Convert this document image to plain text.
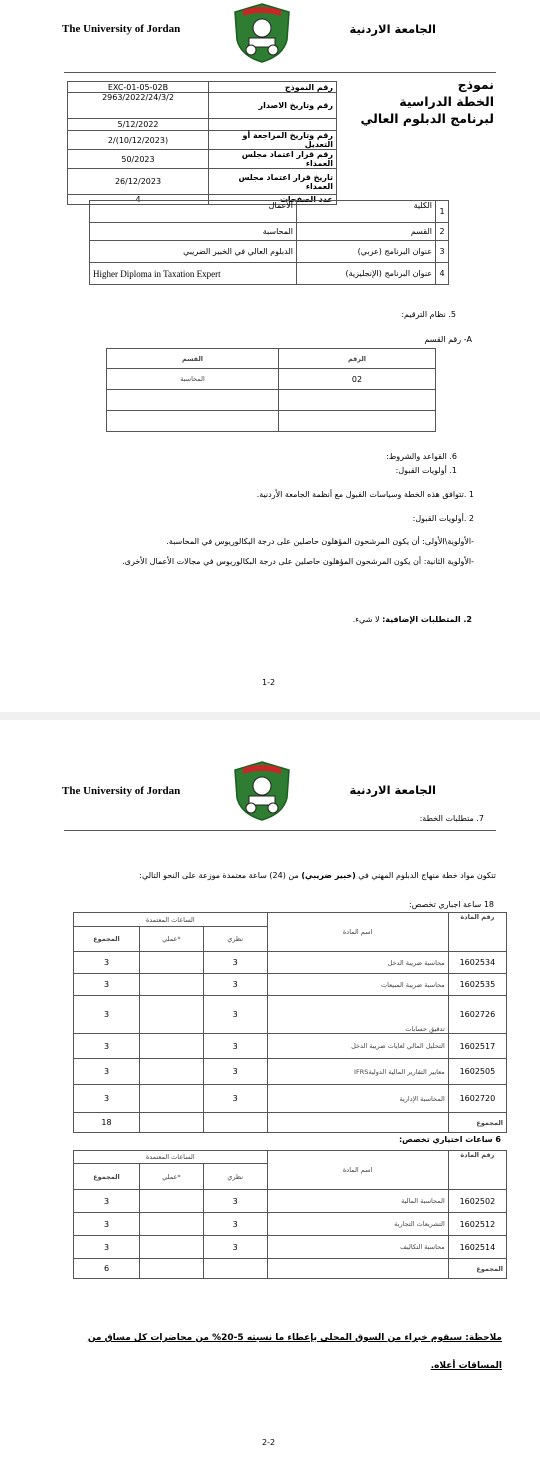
The University of Jordan	الجامعة الاردنية
نموذج
الخطة الدراسية
لبرنامج الدبلوم العالي
EXC-01-05-02B	رقم النموذج
2963/2022/24/3/2	رقم وتاريخ الاصدار
5/12/2022	
2/(10/12/2023)	رقم وتاريخ المراجعة أو التعديل
50/2023	رقم قرار اعتماد مجلس العمداء
26/12/2023	تاريخ قرار اعتماد مجلس العمداء
4	عدد الصفحات
الأعمال	الكلية	1
المحاسبة	القسم	2
الدبلوم العالي في الخبير الضريبي	عنوان البرنامج (عربي)	3
Higher Diploma in Taxation Expert	عنوان البرنامج (الإنجليزية)	4
5. نظام الترقيم:
A- رقم القسم
القسم	الرقم
المحاسبة	02

6. القواعد والشروط:
1. أولويات القبول:
1 .تتوافق هذه الخطة وسياسات القبول مع أنظمة الجامعة الأردنية.
2 .أولويات القبول:
-الأولوية\الأولى: أن يكون المرشحون المؤهلون حاصلين على درجة البكالوريوس في المحاسبة.
-الأولوية الثانية: أن يكون المرشحون المؤهلون حاصلين على درجة البكالوريوس في مجالات الأعمال الأخرى.
2. المتطلبات الإضافية: لا شيء.
1-2
The University of Jordan	الجامعة الاردنية
7. متطلبات الخطة:
تتكون مواد خطة منهاج الدبلوم المهني في (خبير ضريبي) من (24) ساعة معتمدة موزعة على النحو التالي:
18 ساعة اجباري تخصص:
الساعات المعتمدة			اسم المادة	رقم المادة
المجموع	عملي*	نظري		
3		3	محاسبة ضريبة الدخل	1602534
3		3	محاسبة ضريبة المبيعات	1602535
3		3	تدقيق حسابات	1602726
3		3	التحليل المالي لغايات ضريبة الدخل	1602517
3		3	معايير التقارير المالية الدوليةIFRS	1602505
3		3	المحاسبة الإدارية	1602720
18				المجموع
6 ساعات اختياري تخصص:
الساعات المعتمدة			اسم المادة	رقم المادة
المجموع	عملي*	نظري		
3		3	المحاسبة المالية	1602502
3		3	التشريعات التجارية	1602512
3		3	محاسبة التكاليف	1602514
6				المجموع
ملاحظة: سيقوم خبراء من السوق المحلي بإعطاء ما نسبته 5-20% من محاضرات كل مساق من المساقات أعلاه.
2-2
